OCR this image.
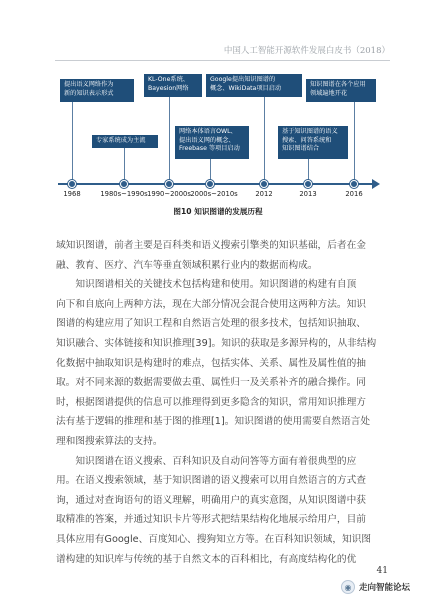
中国人工智能开源软件发展白皮书（2018）
提出语义网络作为
新的知识表示形式
KL-One系统、
Bayesion网络
Google提出知识图谱的
概念、WikiData项目启动
知识图谱在各个应用
领域遍地开花
专家系统成为主流
网络本体语言OWL、
提出语义网的概念、
Freebase 等项目启动
基于知识图谱的语义
搜索、问答系统和
知识图谱结合
1968	1980s~1990s 1990~2000s 2000s~2010s	2012	2013	2016
图10 知识图谱的发展历程
域知识图谱，前者主要是百科类和语义搜索引擎类的知识基础，后者在金
融、教育、医疗、汽车等垂直领域积累行业内的数据而构成。
　　知识图谱相关的关键技术包括构建和使用。知识图谱的构建有自顶
向下和自底向上两种方法，现在大部分情况会混合使用这两种方法。知识
图谱的构建应用了知识工程和自然语言处理的很多技术，包括知识抽取、
知识融合、实体链接和知识推理[39]。知识的获取是多源异构的，从非结构
化数据中抽取知识是构建时的难点，包括实体、关系、属性及属性值的抽
取。对不同来源的数据需要做去重、属性归一及关系补齐的融合操作。同
时，根据图谱提供的信息可以推理得到更多隐含的知识，常用知识推理方
法有基于逻辑的推理和基于图的推理[1]。知识图谱的使用需要自然语言处
理和图搜索算法的支持。
　　知识图谱在语义搜索、百科知识及自动问答等方面有着很典型的应
用。在语义搜索领域，基于知识图谱的语义搜索可以用自然语言的方式查
询，通过对查询语句的语义理解，明确用户的真实意图，从知识图谱中获
取精准的答案，并通过知识卡片等形式把结果结构化地展示给用户，目前
具体应用有Google、百度知心、搜狗知立方等。在百科知识领域，知识图
谱构建的知识库与传统的基于自然文本的百科相比，有高度结构化的优
41
◉ 走向智能论坛
